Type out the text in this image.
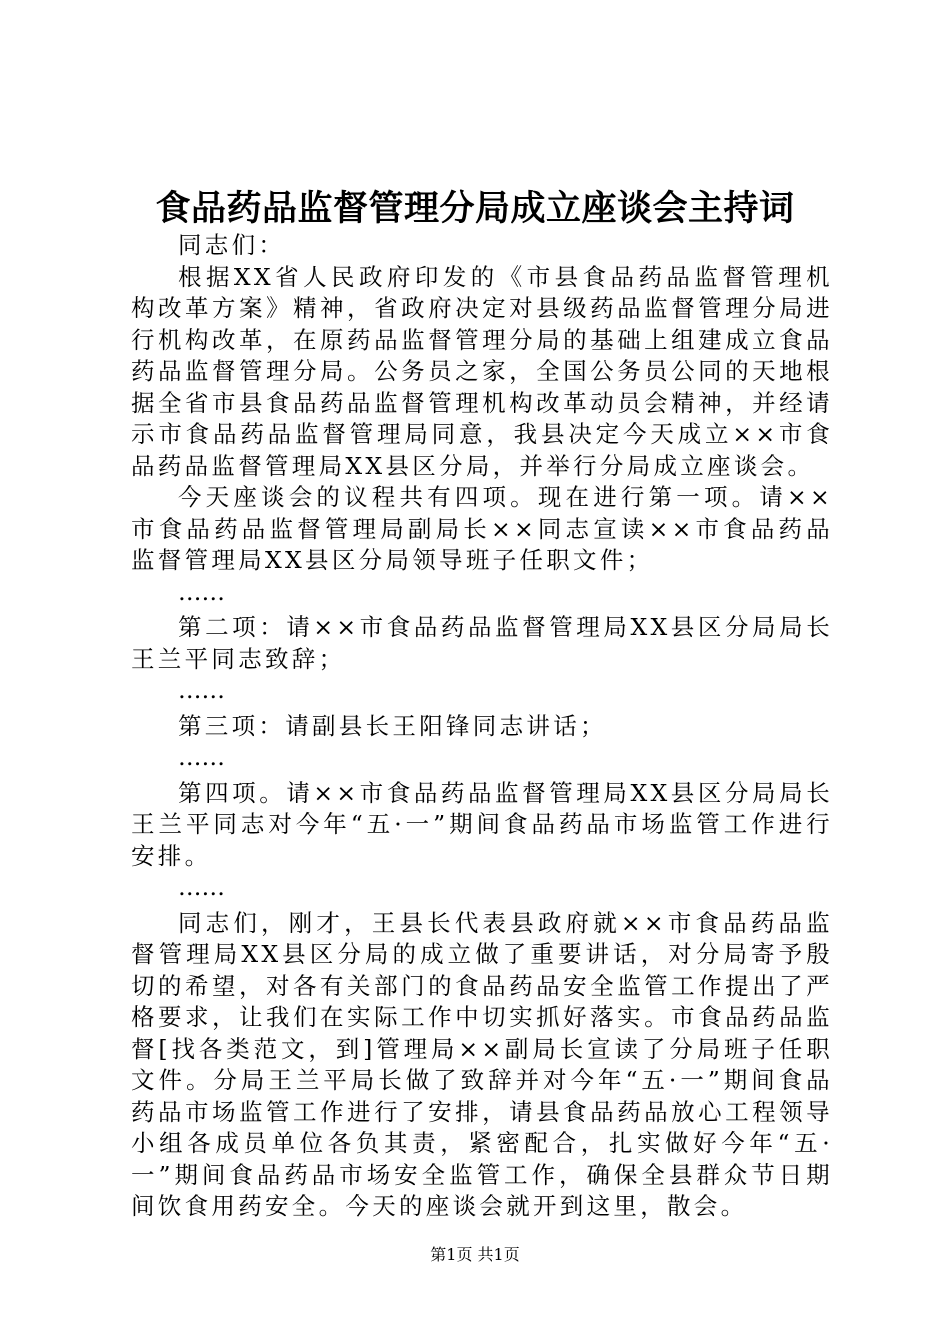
食品药品监督管理分局成立座谈会主持词

同志们：

根据XX省人民政府印发的《市县食品药品监督管理机构改革方案》精神，省政府决定对县级药品监督管理分局进行机构改革，在原药品监督管理分局的基础上组建成立食品药品监督管理分局。公务员之家，全国公务员公同的天地根据全省市县食品药品监督管理机构改革动员会精神，并经请示市食品药品监督管理局同意，我县决定今天成立××市食品药品监督管理局XX县区分局，并举行分局成立座谈会。

今天座谈会的议程共有四项。现在进行第一项。请××市食品药品监督管理局副局长××同志宣读××市食品药品监督管理局XX县区分局领导班子任职文件；

……

第二项：请××市食品药品监督管理局XX县区分局局长王兰平同志致辞；

……

第三项：请副县长王阳锋同志讲话；

……

第四项。请××市食品药品监督管理局XX县区分局局长王兰平同志对今年“五·一”期间食品药品市场监管工作进行安排。

……

同志们，刚才，王县长代表县政府就××市食品药品监督管理局XX县区分局的成立做了重要讲话，对分局寄予殷切的希望，对各有关部门的食品药品安全监管工作提出了严格要求，让我们在实际工作中切实抓好落实。市食品药品监督[找各类范文，到]管理局××副局长宣读了分局班子任职文件。分局王兰平局长做了致辞并对今年“五·一”期间食品药品市场监管工作进行了安排，请县食品药品放心工程领导小组各成员单位各负其责，紧密配合，扎实做好今年“五·一”期间食品药品市场安全监管工作，确保全县群众节日期间饮食用药安全。今天的座谈会就开到这里，散会。

第1页 共1页
